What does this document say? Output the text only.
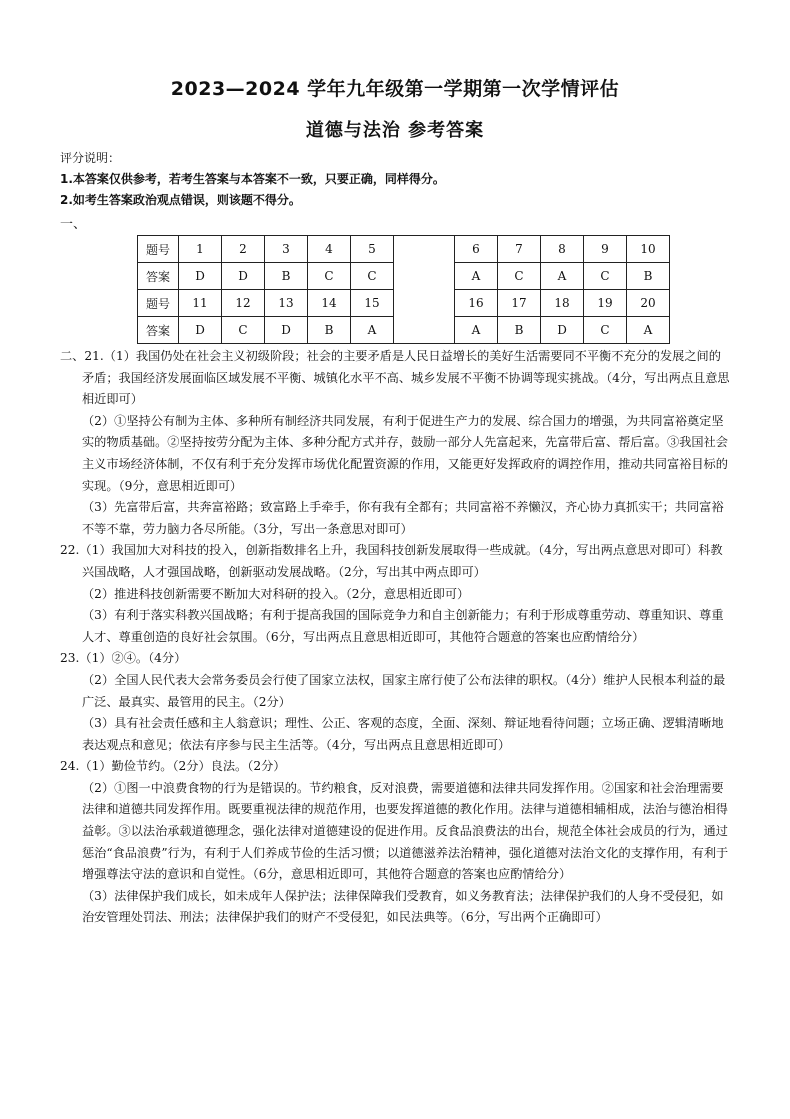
2023—2024 学年九年级第一学期第一次学情评估
道德与法治 参考答案
评分说明：
1.本答案仅供参考，若考生答案与本答案不一致，只要正确，同样得分。
2.如考生答案政治观点错误，则该题不得分。
一、
题号	1	2	3	4	5		6	7	8	9	10
答案	D	D	B	C	C		A	C	A	C	B
题号	11	12	13	14	15		16	17	18	19	20
答案	D	C	D	B	A		A	B	D	C	A

二、21.（1）我国仍处在社会主义初级阶段；社会的主要矛盾是人民日益增长的美好生活需要同不平衡不充分的发展之间的矛盾；我国经济发展面临区域发展不平衡、城镇化水平不高、城乡发展不平衡不协调等现实挑战。（4分，写出两点且意思相近即可）

（2）①坚持公有制为主体、多种所有制经济共同发展，有利于促进生产力的发展、综合国力的增强，为共同富裕奠定坚实的物质基础。②坚持按劳分配为主体、多种分配方式并存，鼓励一部分人先富起来，先富带后富、帮后富。③我国社会主义市场经济体制，不仅有利于充分发挥市场优化配置资源的作用，又能更好发挥政府的调控作用，推动共同富裕目标的实现。（9分，意思相近即可）

（3）先富带后富，共奔富裕路；致富路上手牵手，你有我有全都有；共同富裕不养懒汉，齐心协力真抓实干；共同富裕不等不靠，劳力脑力各尽所能。（3分，写出一条意思对即可）

22.（1）我国加大对科技的投入，创新指数排名上升，我国科技创新发展取得一些成就。（4分，写出两点意思对即可）科教兴国战略，人才强国战略，创新驱动发展战略。（2分，写出其中两点即可）

（2）推进科技创新需要不断加大对科研的投入。（2分，意思相近即可）

（3）有利于落实科教兴国战略；有利于提高我国的国际竞争力和自主创新能力；有利于形成尊重劳动、尊重知识、尊重人才、尊重创造的良好社会氛围。（6分，写出两点且意思相近即可，其他符合题意的答案也应酌情给分）

23.（1）②④。（4分）

（2）全国人民代表大会常务委员会行使了国家立法权，国家主席行使了公布法律的职权。（4分）维护人民根本利益的最广泛、最真实、最管用的民主。（2分）

（3）具有社会责任感和主人翁意识；理性、公正、客观的态度，全面、深刻、辩证地看待问题；立场正确、逻辑清晰地表达观点和意见；依法有序参与民主生活等。（4分，写出两点且意思相近即可）

24.（1）勤俭节约。（2分）良法。（2分）

（2）①图一中浪费食物的行为是错误的。节约粮食，反对浪费，需要道德和法律共同发挥作用。②国家和社会治理需要法律和道德共同发挥作用。既要重视法律的规范作用，也要发挥道德的教化作用。法律与道德相辅相成，法治与德治相得益彰。③以法治承载道德理念，强化法律对道德建设的促进作用。反食品浪费法的出台，规范全体社会成员的行为，通过惩治“食品浪费”行为，有利于人们养成节俭的生活习惯；以道德滋养法治精神，强化道德对法治文化的支撑作用，有利于增强尊法守法的意识和自觉性。（6分，意思相近即可，其他符合题意的答案也应酌情给分）

（3）法律保护我们成长，如未成年人保护法；法律保障我们受教育，如义务教育法；法律保护我们的人身不受侵犯，如治安管理处罚法、刑法；法律保护我们的财产不受侵犯，如民法典等。（6分，写出两个正确即可）
